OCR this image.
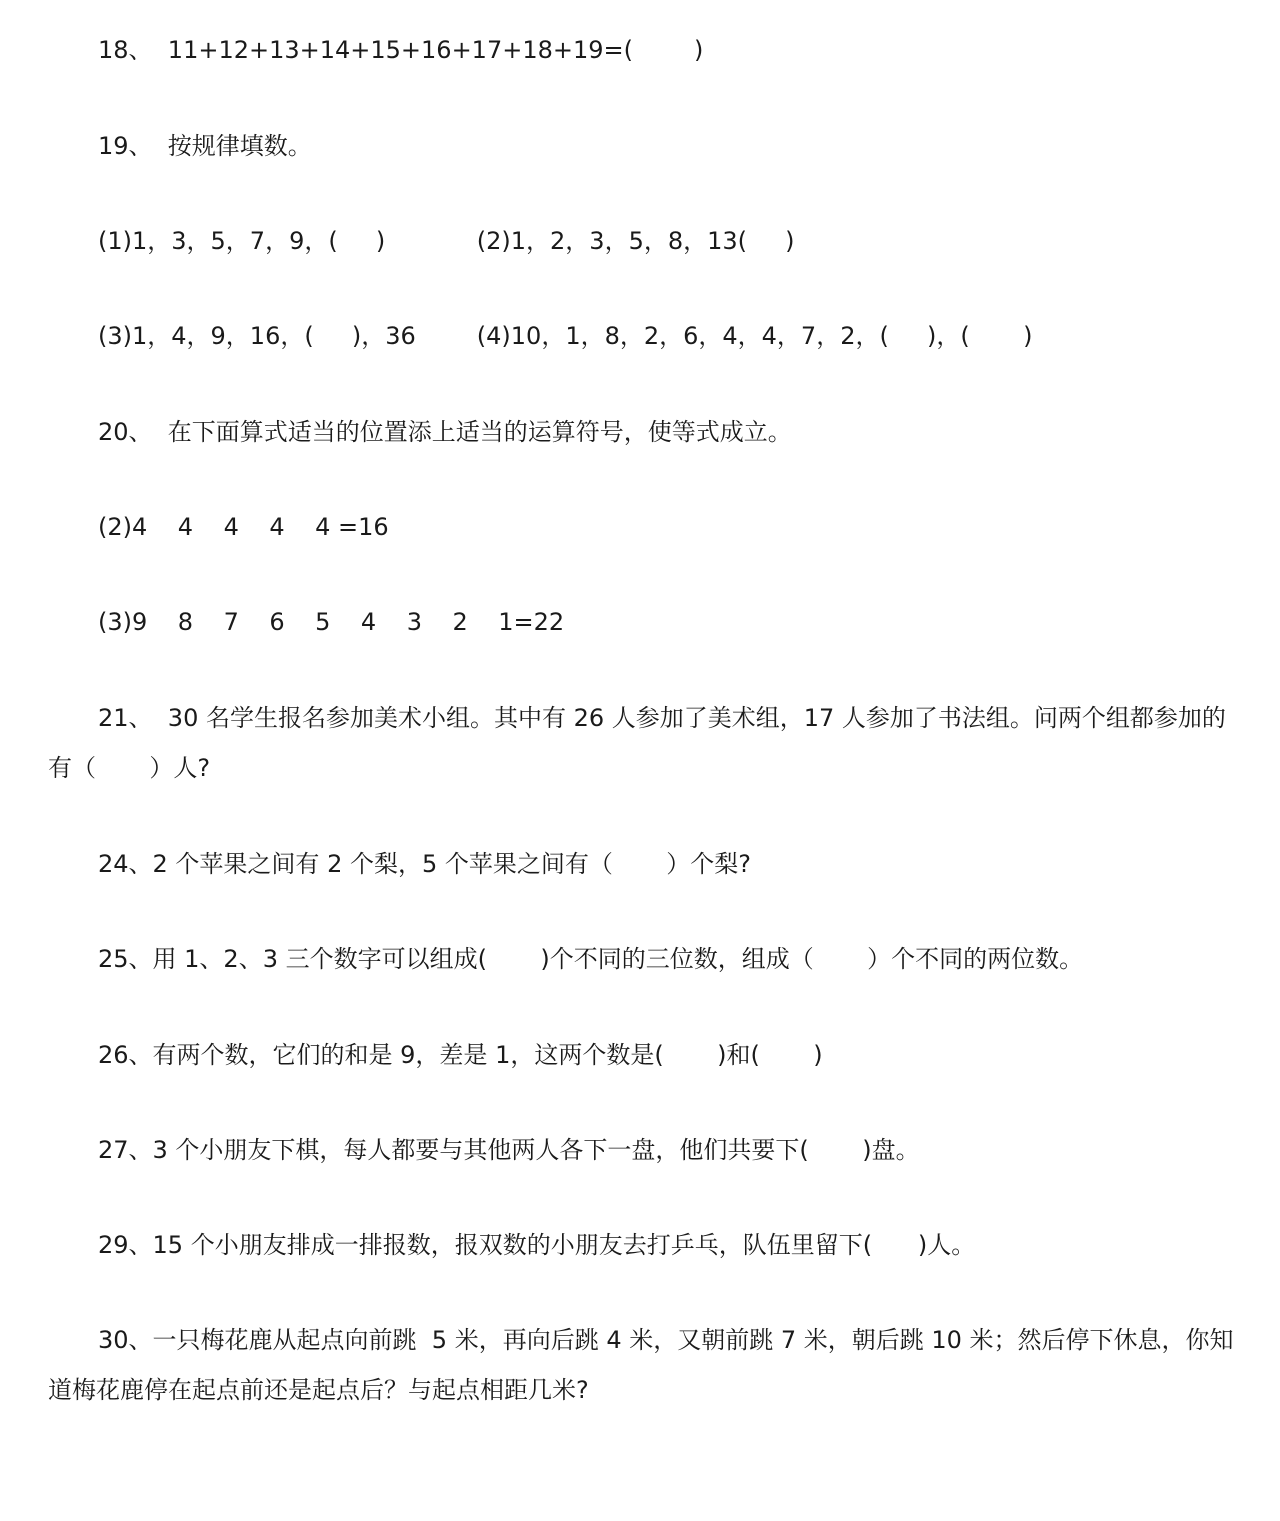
18、  11+12+13+14+15+16+17+18+19=(        )
19、  按规律填数。
(1)1，3，5，7，9，(     )            (2)1，2，3，5，8，13(     )
(3)1，4，9，16，(     )，36        (4)10，1，8，2，6，4，4，7，2，(     )，(       )
20、  在下面算式适当的位置添上适当的运算符号，使等式成立。
(2)4    4    4    4    4 =16
(3)9    8    7    6    5    4    3    2    1=22
21、  30 名学生报名参加美术小组。其中有 26 人参加了美术组，17 人参加了书法组。问两个组都参加的有（       ）人?
24、2 个苹果之间有 2 个梨，5 个苹果之间有（       ）个梨?
25、用 1、2、3 三个数字可以组成(       )个不同的三位数，组成（       ）个不同的两位数。
26、有两个数，它们的和是 9，差是 1，这两个数是(       )和(       )
27、3 个小朋友下棋，每人都要与其他两人各下一盘，他们共要下(       )盘。
29、15 个小朋友排成一排报数，报双数的小朋友去打乒乓，队伍里留下(      )人。
30、一只梅花鹿从起点向前跳  5 米，再向后跳 4 米，又朝前跳 7 米，朝后跳 10 米；然后停下休息，你知道梅花鹿停在起点前还是起点后？与起点相距几米?
